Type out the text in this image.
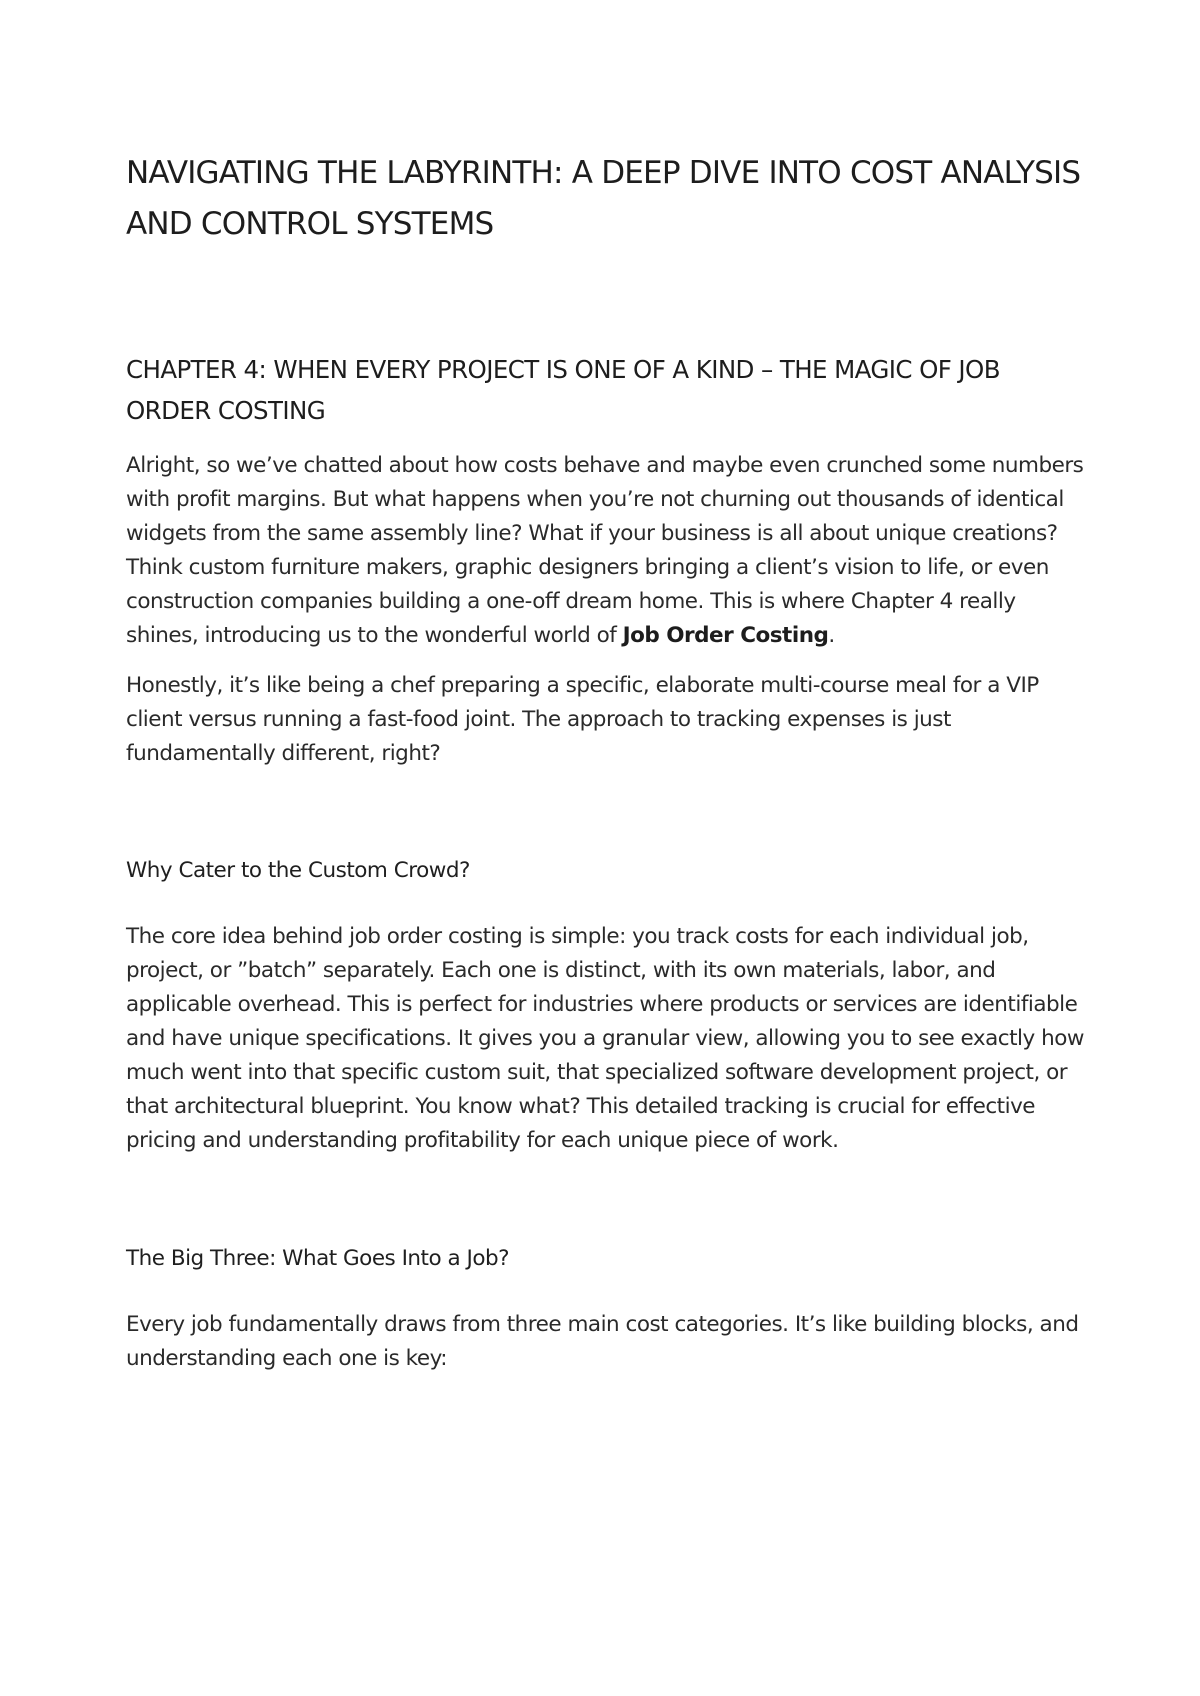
NAVIGATING THE LABYRINTH: A DEEP DIVE INTO COST ANALYSIS AND CONTROL SYSTEMS
CHAPTER 4: WHEN EVERY PROJECT IS ONE OF A KIND – THE MAGIC OF JOB ORDER COSTING

Alright, so we’ve chatted about how costs behave and maybe even crunched some numbers with profit margins. But what happens when you’re not churning out thousands of identical widgets from the same assembly line? What if your business is all about unique creations? Think custom furniture makers, graphic designers bringing a client’s vision to life, or even construction companies building a one-off dream home. This is where Chapter 4 really shines, introducing us to the wonderful world of Job Order Costing.

Honestly, it’s like being a chef preparing a specific, elaborate multi-course meal for a VIP client versus running a fast-food joint. The approach to tracking expenses is just fundamentally different, right?

Why Cater to the Custom Crowd?

The core idea behind job order costing is simple: you track costs for each individual job, project, or ”batch” separately. Each one is distinct, with its own materials, labor, and applicable overhead. This is perfect for industries where products or services are identifiable and have unique specifications. It gives you a granular view, allowing you to see exactly how much went into that specific custom suit, that specialized software development project, or that architectural blueprint. You know what? This detailed tracking is crucial for effective pricing and understanding profitability for each unique piece of work.

The Big Three: What Goes Into a Job?

Every job fundamentally draws from three main cost categories. It’s like building blocks, and understanding each one is key:
